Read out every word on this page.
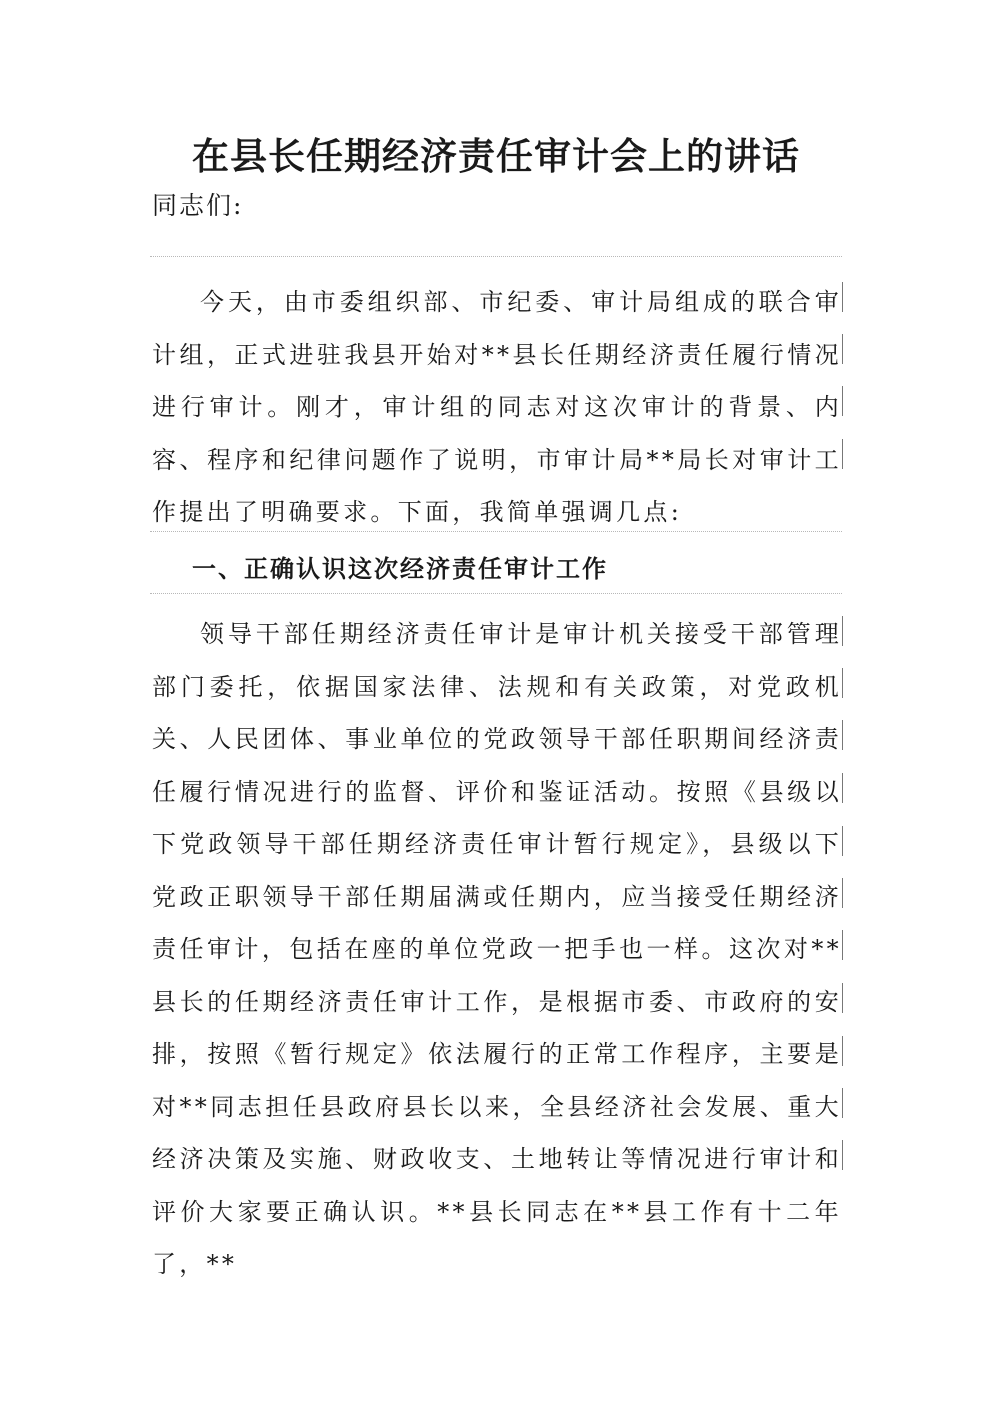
在县长任期经济责任审计会上的讲话
同志们:

今天，由市委组织部、市纪委、审计局组成的联合审计组，正式进驻我县开始对**县长任期经济责任履行情况进行审计。刚才，审计组的同志对这次审计的背景、内容、程序和纪律问题作了说明，市审计局**局长对审计工作提出了明确要求。下面，我简单强调几点:

一、正确认识这次经济责任审计工作

领导干部任期经济责任审计是审计机关接受干部管理部门委托，依据国家法律、法规和有关政策，对党政机关、人民团体、事业单位的党政领导干部任职期间经济责任履行情况进行的监督、评价和鉴证活动。按照《县级以下党政领导干部任期经济责任审计暂行规定》，县级以下党政正职领导干部任期届满或任期内，应当接受任期经济责任审计，包括在座的单位党政一把手也一样。这次对**县长的任期经济责任审计工作，是根据市委、市政府的安排，按照《暂行规定》依法履行的正常工作程序，主要是对**同志担任县政府县长以来，全县经济社会发展、重大经济决策及实施、财政收支、土地转让等情况进行审计和评价大家要正确认识。**县长同志在**县工作有十二年了，**
